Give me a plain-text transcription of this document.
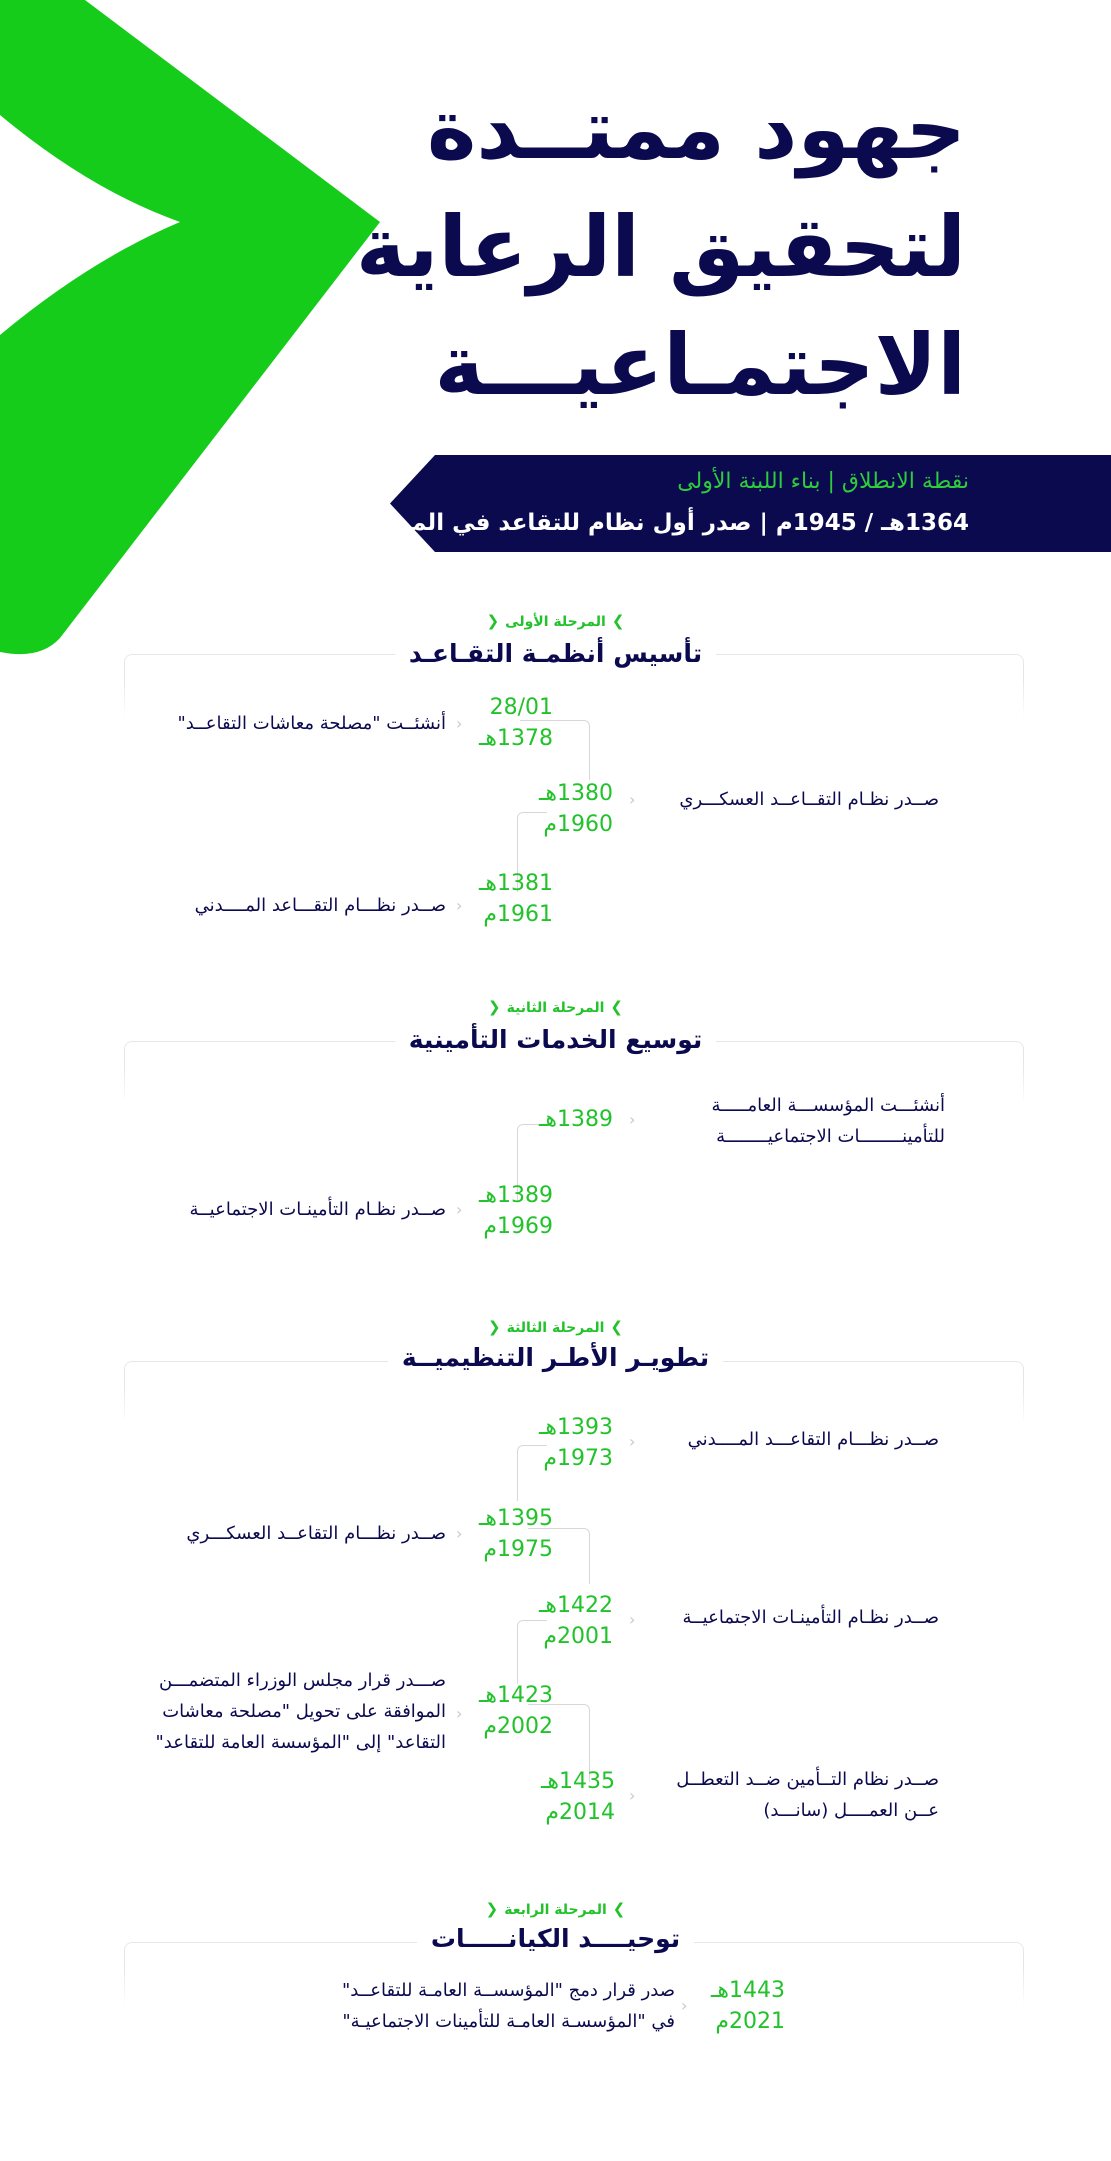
جهود ممتــدة
لتحقيق الرعاية
الاجتمـاعيـــة
نقطة الانطلاق | بناء اللبنة الأولى
1364هـ / 1945م | صدر أول نظام للتقاعد في المملكة
❯المرحلة الأولى❮
تأسيس أنظمـة التقـاعـد
28/01
1378هـ
‹
أنشئــت "مصلحة معاشات التقاعــد"
1380هـ
1960م
‹ صــدر نظـام التقــاعــد العسكـــري
1381هـ
1961م
‹
صــدر نظـــام التقـــاعد المــــدني
❯المرحلة الثانية❮
توسيع الخدمات التأمينية
1389هـ ‹
أنشئـــت المؤسســـة العامـــــة
للتأمينــــــــات الاجتماعيــــــــة
1389هـ
1969م
‹
صــدر نظـام التأمينـات الاجتماعيــة
❯المرحلة الثالثة❮
تطويـر الأطـر التنظيميــة
1393هـ
1973م
‹	صــدر نظـــام التقاعـــد المــــدني
1395هـ
1975م
‹
صــدر نظـــام التقاعــد العسكـــري
1422هـ
2001م
‹	صــدر نظـام التأمينـات الاجتماعيــة
1423هـ
2002م
‹
صـــدر قرار مجلس الوزراء المتضمـــن
الموافقة على تحويل "مصلحة معاشات
التقاعد" إلى "المؤسسة العامة للتقاعد"
1435هـ
2014م
‹
صــدر نظام التــأمين ضــد التعطــل
عــن العمــــل (سانـــد)
❯المرحلة الرابعة❮
توحيــــد الكيانـــــات
1443هـ
2021م
‹
صدر قرار دمج "المؤسســة العامـة للتقاعــد"
في "المؤسسـة العامـة للتأمينات الاجتماعيـة"
